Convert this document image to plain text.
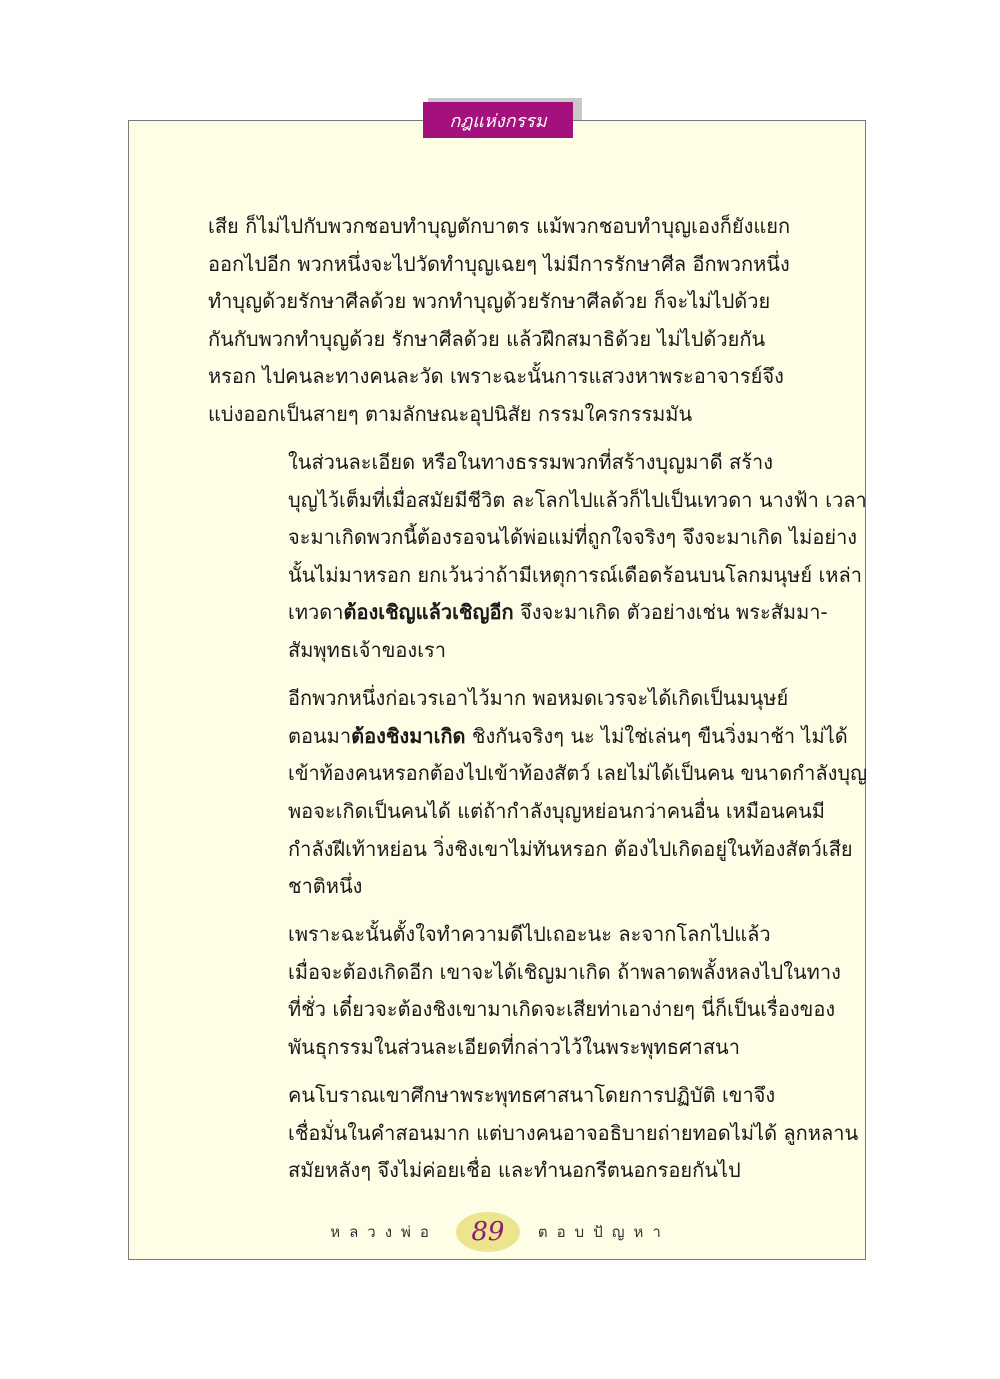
กฎแห่งกรรม

เสีย ก็ไม่ไปกับพวกชอบทำบุญตักบาตร แม้พวกชอบทำบุญเองก็ยังแยก
ออกไปอีก พวกหนึ่งจะไปวัดทำบุญเฉยๆ ไม่มีการรักษาศีล อีกพวกหนึ่ง
ทำบุญด้วยรักษาศีลด้วย พวกทำบุญด้วยรักษาศีลด้วย ก็จะไม่ไปด้วย
กันกับพวกทำบุญด้วย รักษาศีลด้วย แล้วฝึกสมาธิด้วย ไม่ไปด้วยกัน
หรอก ไปคนละทางคนละวัด เพราะฉะนั้นการแสวงหาพระอาจารย์จึง
แบ่งออกเป็นสายๆ ตามลักษณะอุปนิสัย กรรมใครกรรมมัน

ในส่วนละเอียด หรือในทางธรรมพวกที่สร้างบุญมาดี สร้าง
บุญไว้เต็มที่เมื่อสมัยมีชีวิต ละโลกไปแล้วก็ไปเป็นเทวดา นางฟ้า เวลา
จะมาเกิดพวกนี้ต้องรอจนได้พ่อแม่ที่ถูกใจจริงๆ จึงจะมาเกิด ไม่อย่าง
นั้นไม่มาหรอก ยกเว้นว่าถ้ามีเหตุการณ์เดือดร้อนบนโลกมนุษย์ เหล่า
เทวดาต้องเชิญแล้วเชิญอีก จึงจะมาเกิด ตัวอย่างเช่น พระสัมมา-
สัมพุทธเจ้าของเรา

อีกพวกหนึ่งก่อเวรเอาไว้มาก พอหมดเวรจะได้เกิดเป็นมนุษย์
ตอนมาต้องชิงมาเกิด ชิงกันจริงๆ นะ ไม่ใช่เล่นๆ ขืนวิ่งมาช้า ไม่ได้
เข้าท้องคนหรอกต้องไปเข้าท้องสัตว์ เลยไม่ได้เป็นคน ขนาดกำลังบุญ
พอจะเกิดเป็นคนได้ แต่ถ้ากำลังบุญหย่อนกว่าคนอื่น เหมือนคนมี
กำลังฝีเท้าหย่อน วิ่งชิงเขาไม่ทันหรอก ต้องไปเกิดอยู่ในท้องสัตว์เสีย
ชาติหนึ่ง

เพราะฉะนั้นตั้งใจทำความดีไปเถอะนะ ละจากโลกไปแล้ว
เมื่อจะต้องเกิดอีก เขาจะได้เชิญมาเกิด ถ้าพลาดพลั้งหลงไปในทาง
ที่ชั่ว เดี๋ยวจะต้องชิงเขามาเกิดจะเสียท่าเอาง่ายๆ นี่ก็เป็นเรื่องของ
พันธุกรรมในส่วนละเอียดที่กล่าวไว้ในพระพุทธศาสนา

คนโบราณเขาศึกษาพระพุทธศาสนาโดยการปฏิบัติ เขาจึง
เชื่อมั่นในคำสอนมาก แต่บางคนอาจอธิบายถ่ายทอดไม่ได้ ลูกหลาน
สมัยหลังๆ จึงไม่ค่อยเชื่อ และทำนอกรีตนอกรอยกันไป

หลวงพ่อ	89	ตอบปัญหา
